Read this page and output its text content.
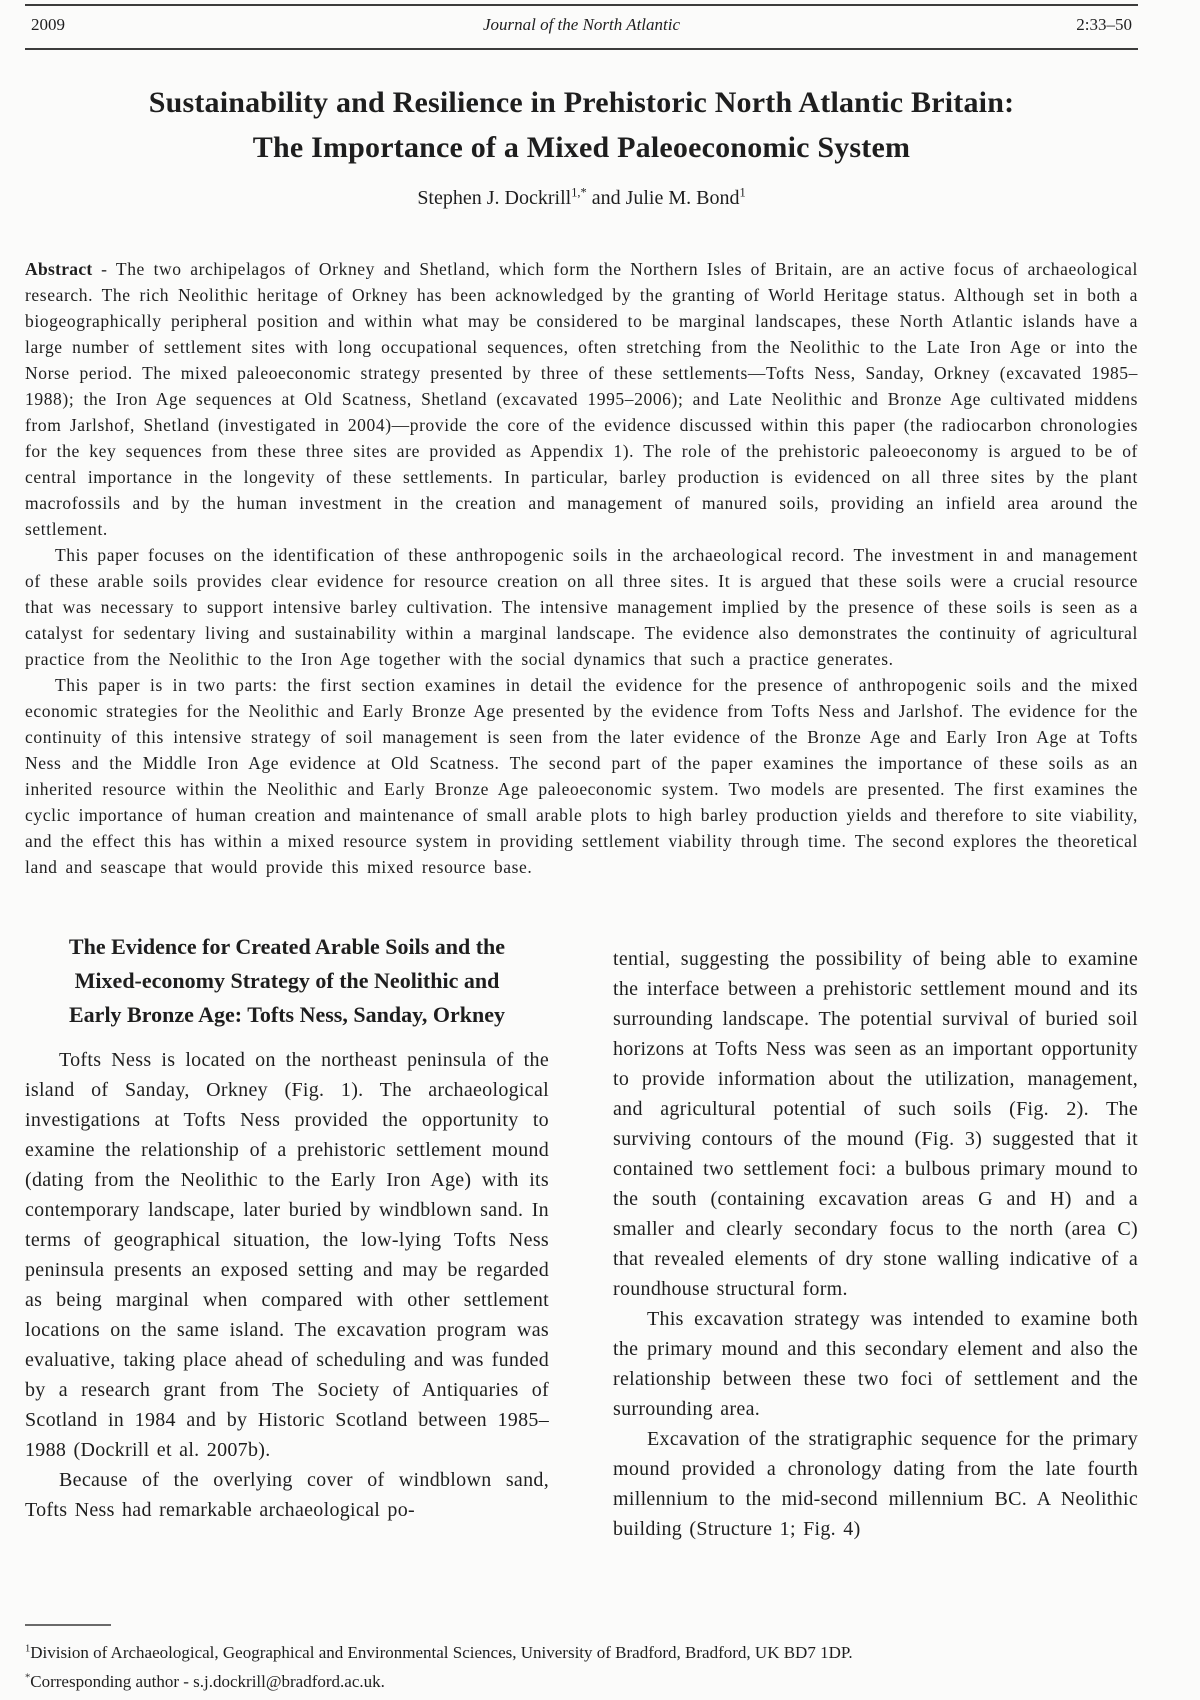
2009	Journal of the North Atlantic	2:33–50
Sustainability and Resilience in Prehistoric North Atlantic Britain:
The Importance of a Mixed Paleoeconomic System
Stephen J. Dockrill$^{1,*}$ and Julie M. Bond$^1$

Abstract - The two archipelagos of Orkney and Shetland, which form the Northern Isles of Britain, are an active focus of archaeological research. The rich Neolithic heritage of Orkney has been acknowledged by the granting of World Heritage status. Although set in both a biogeographically peripheral position and within what may be considered to be marginal landscapes, these North Atlantic islands have a large number of settlement sites with long occupational sequences, often stretching from the Neolithic to the Late Iron Age or into the Norse period. The mixed paleoeconomic strategy presented by three of these settlements—Tofts Ness, Sanday, Orkney (excavated 1985–1988); the Iron Age sequences at Old Scatness, Shetland (excavated 1995–2006); and Late Neolithic and Bronze Age cultivated middens from Jarlshof, Shetland (investigated in 2004)—provide the core of the evidence discussed within this paper (the radiocarbon chronologies for the key sequences from these three sites are provided as Appendix 1). The role of the prehistoric paleoeconomy is argued to be of central importance in the longevity of these settlements. In particular, barley production is evidenced on all three sites by the plant macrofossils and by the human investment in the creation and management of manured soils, providing an infield area around the settlement.

This paper focuses on the identification of these anthropogenic soils in the archaeological record. The investment in and management of these arable soils provides clear evidence for resource creation on all three sites. It is argued that these soils were a crucial resource that was necessary to support intensive barley cultivation. The intensive management implied by the presence of these soils is seen as a catalyst for sedentary living and sustainability within a marginal landscape. The evidence also demonstrates the continuity of agricultural practice from the Neolithic to the Iron Age together with the social dynamics that such a practice generates.

This paper is in two parts: the first section examines in detail the evidence for the presence of anthropogenic soils and the mixed economic strategies for the Neolithic and Early Bronze Age presented by the evidence from Tofts Ness and Jarlshof. The evidence for the continuity of this intensive strategy of soil management is seen from the later evidence of the Bronze Age and Early Iron Age at Tofts Ness and the Middle Iron Age evidence at Old Scatness. The second part of the paper examines the importance of these soils as an inherited resource within the Neolithic and Early Bronze Age paleoeconomic system. Two models are presented. The first examines the cyclic importance of human creation and maintenance of small arable plots to high barley production yields and therefore to site viability, and the effect this has within a mixed resource system in providing settlement viability through time. The second explores the theoretical land and seascape that would provide this mixed resource base.

The Evidence for Created Arable Soils and the
Mixed-economy Strategy of the Neolithic and
Early Bronze Age: Tofts Ness, Sanday, Orkney

Tofts Ness is located on the northeast peninsula of the island of Sanday, Orkney (Fig. 1). The archaeological investigations at Tofts Ness provided the opportunity to examine the relationship of a prehistoric settlement mound (dating from the Neolithic to the Early Iron Age) with its contemporary landscape, later buried by windblown sand. In terms of geographical situation, the low-lying Tofts Ness peninsula presents an exposed setting and may be regarded as being marginal when compared with other settlement locations on the same island. The excavation program was evaluative, taking place ahead of scheduling and was funded by a research grant from The Society of Antiquaries of Scotland in 1984 and by Historic Scotland between 1985–1988 (Dockrill et al. 2007b).

Because of the overlying cover of windblown sand, Tofts Ness had remarkable archaeological po-

tential, suggesting the possibility of being able to examine the interface between a prehistoric settlement mound and its surrounding landscape. The potential survival of buried soil horizons at Tofts Ness was seen as an important opportunity to provide information about the utilization, management, and agricultural potential of such soils (Fig. 2). The surviving contours of the mound (Fig. 3) suggested that it contained two settlement foci: a bulbous primary mound to the south (containing excavation areas G and H) and a smaller and clearly secondary focus to the north (area C) that revealed elements of dry stone walling indicative of a roundhouse structural form.

This excavation strategy was intended to examine both the primary mound and this secondary element and also the relationship between these two foci of settlement and the surrounding area.

Excavation of the stratigraphic sequence for the primary mound provided a chronology dating from the late fourth millennium to the mid-second millennium BC. A Neolithic building (Structure 1; Fig. 4)

$^1$Division of Archaeological, Geographical and Environmental Sciences, University of Bradford, Bradford, UK BD7 1DP.

*Corresponding author - s.j.dockrill@bradford.ac.uk.
